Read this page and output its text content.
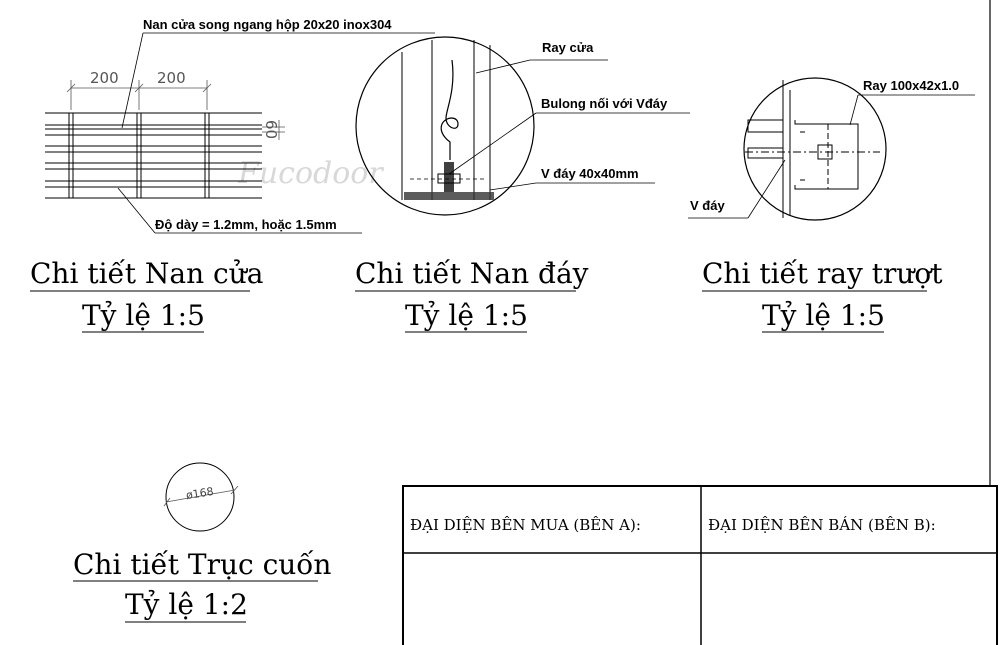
Fucodoor
Nan cửa song ngang hộp 20x20 inox304
Độ dày = 1.2mm, hoặc 1.5mm
200	200
60
Chi tiết Nan cửa
Tỷ lệ 1:5
Ray cửa
Bulong nối với Vđáy
V đáy 40x40mm
Chi tiết Nan đáy
Tỷ lệ 1:5
Ray 100x42x1.0
V đáy
Chi tiết ray trượt
Tỷ lệ 1:5
ø168
Chi tiết Trục cuốn
Tỷ lệ 1:2
ĐẠI DIỆN BÊN MUA (BÊN A):	ĐẠI DIỆN BÊN BÁN (BÊN B):
